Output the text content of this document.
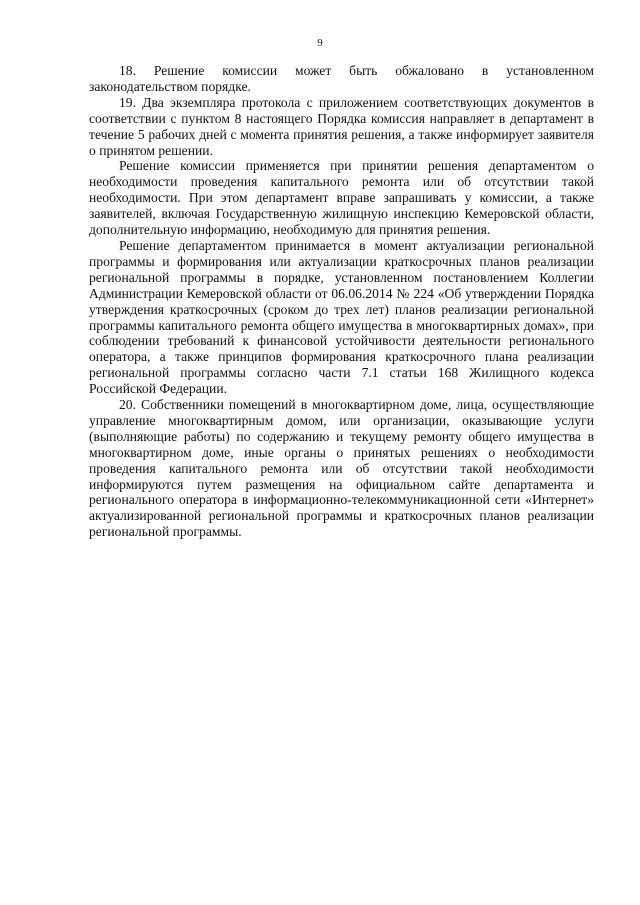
9

18. Решение комиссии может быть обжаловано в установленном законодательством порядке.

19. Два экземпляра протокола с приложением соответствующих документов в соответствии с пунктом 8 настоящего Порядка комиссия направляет в департамент в течение 5 рабочих дней с момента принятия решения, а также информирует заявителя о принятом решении.

Решение комиссии применяется при принятии решения департаментом о необходимости проведения капитального ремонта или об отсутствии такой необходимости. При этом департамент вправе запрашивать у комиссии, а также заявителей, включая Государственную жилищную инспекцию Кемеровской области, дополнительную информацию, необходимую для принятия решения.

Решение департаментом принимается в момент актуализации региональной программы и формирования или актуализации краткосрочных планов реализации региональной программы в порядке, установленном постановлением Коллегии Администрации Кемеровской области от 06.06.2014 № 224 «Об утверждении Порядка утверждения краткосрочных (сроком до трех лет) планов реализации региональной программы капитального ремонта общего имущества в многоквартирных домах», при соблюдении требований к финансовой устойчивости деятельности регионального оператора, а также принципов формирования краткосрочного плана реализации региональной программы согласно части 7.1 статьи 168 Жилищного кодекса Российской Федерации.

20. Собственники помещений в многоквартирном доме, лица, осуществляющие управление многоквартирным домом, или организации, оказывающие услуги (выполняющие работы) по содержанию и текущему ремонту общего имущества в многоквартирном доме, иные органы о принятых решениях о необходимости проведения капитального ремонта или об отсутствии такой необходимости информируются путем размещения на официальном сайте департамента и регионального оператора в информационно-телекоммуникационной сети «Интернет» актуализированной региональной программы и краткосрочных планов реализации региональной программы.
